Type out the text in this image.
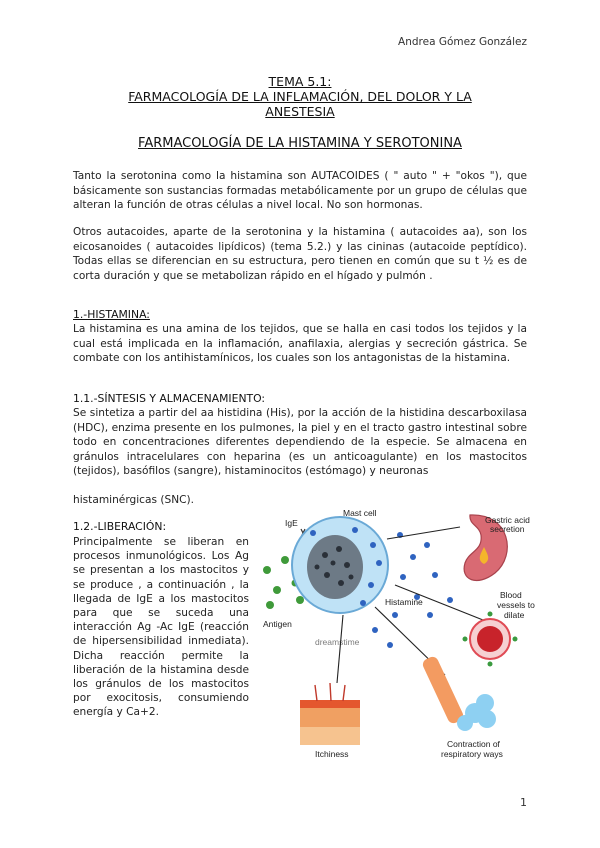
Andrea Gómez González
TEMA 5.1:
FARMACOLOGÍA DE LA INFLAMACIÓN, DEL DOLOR Y LA
ANESTESIA
FARMACOLOGÍA DE LA HISTAMINA Y SEROTONINA
Tanto la serotonina como la histamina son AUTACOIDES ( " auto " + "okos "), que básicamente son sustancias formadas metabólicamente por un grupo de células que alteran la función de otras células a nivel local. No son hormonas.
Otros autacoides, aparte de la serotonina y la histamina ( autacoides aa), son los eicosanoides ( autacoides lipídicos) (tema 5.2.) y las cininas (autacoide peptídico). Todas ellas se diferencian en su estructura, pero tienen en común que su t ½ es de corta duración y que se metabolizan rápido en el hígado y pulmón .
1.-HISTAMINA:
La histamina es una amina de los tejidos, que se halla en casi todos los tejidos y la cual está implicada en la inflamación, anafilaxia, alergias y secreción gástrica. Se combate con los antihistamínicos, los cuales son los antagonistas de la histamina.
1.1.-SÍNTESIS Y ALMACENAMIENTO:
Se sintetiza a partir del aa histidina (His), por la acción de la histidina descarboxilasa (HDC), enzima presente en los pulmones, la piel y en el tracto gastro intestinal sobre todo en concentraciones diferentes dependiendo de la especie. Se almacena en gránulos intracelulares con heparina (es un anticoagulante) en los mastocitos (tejidos), basófilos (sangre), histaminocitos (estómago) y neuronas
histaminérgicas (SNC).
1.2.-LIBERACIÓN:
Principalmente se liberan en procesos inmunológicos. Los Ag se presentan a los mastocitos y se produce , a continuación , la llegada de IgE a los mastocitos para que se suceda una interacción Ag -Ac IgE (reacción de hipersensibilidad inmediata). Dicha reacción permite la liberación de la histamina desde los gránulos de los mastocitos por exocitosis, consumiendo energía y Ca+2.
dreamstime
Antigen
IgE
Mast cell
Histamine
Gastric acid
secretion
Blood
vessels to
dilate
Contraction of
respiratory ways
Itchiness
1
